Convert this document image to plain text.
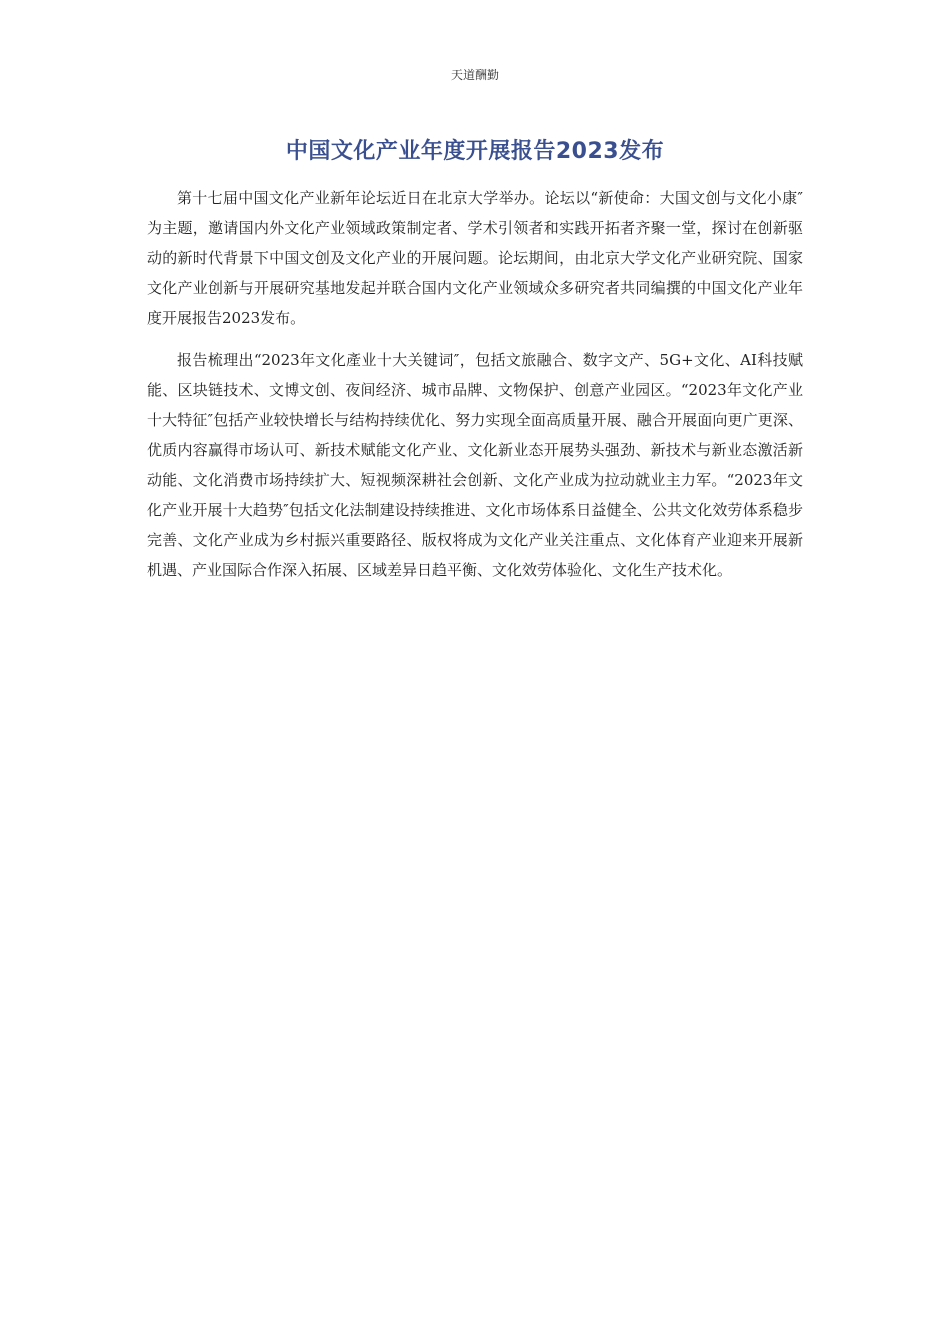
天道酬勤
中国文化产业年度开展报告2023发布

第十七届中国文化产业新年论坛近日在北京大学举办。论坛以“新使命：大国文创与文化小康″为主题，邀请国内外文化产业领域政策制定者、学术引领者和实践开拓者齐聚一堂，探讨在创新驱动的新时代背景下中国文创及文化产业的开展问题。论坛期间，由北京大学文化产业研究院、国家文化产业创新与开展研究基地发起并联合国内文化产业领域众多研究者共同编撰的中国文化产业年度开展报告2023发布。

报告梳理出“2023年文化產业十大关键词″，包括文旅融合、数字文产、5G+文化、AI科技赋能、区块链技术、文博文创、夜间经济、城市品牌、文物保护、创意产业园区。“2023年文化产业十大特征″包括产业较快增长与结构持续优化、努力实现全面高质量开展、融合开展面向更广更深、优质内容赢得市场认可、新技术赋能文化产业、文化新业态开展势头强劲、新技术与新业态激活新动能、文化消费市场持续扩大、短视频深耕社会创新、文化产业成为拉动就业主力军。“2023年文化产业开展十大趋势″包括文化法制建设持续推进、文化市场体系日益健全、公共文化效劳体系稳步完善、文化产业成为乡村振兴重要路径、版权将成为文化产业关注重点、文化体育产业迎来开展新机遇、产业国际合作深入拓展、区域差异日趋平衡、文化效劳体验化、文化生产技术化。
